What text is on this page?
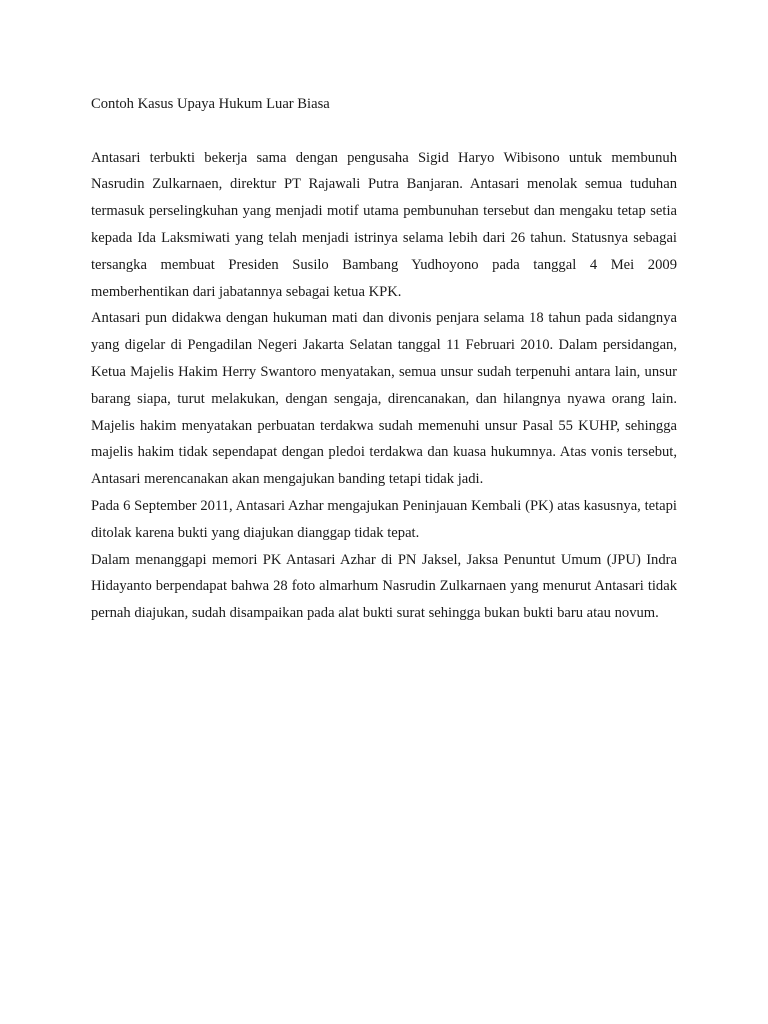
Contoh Kasus Upaya Hukum Luar Biasa

Antasari terbukti bekerja sama dengan pengusaha Sigid Haryo Wibisono untuk membunuh Nasrudin Zulkarnaen, direktur PT Rajawali Putra Banjaran. Antasari menolak semua tuduhan termasuk perselingkuhan yang menjadi motif utama pembunuhan tersebut dan mengaku tetap setia kepada Ida Laksmiwati yang telah menjadi istrinya selama lebih dari 26 tahun. Statusnya sebagai tersangka membuat Presiden Susilo Bambang Yudhoyono pada tanggal 4 Mei 2009 memberhentikan dari jabatannya sebagai ketua KPK.

Antasari pun didakwa dengan hukuman mati dan divonis penjara selama 18 tahun pada sidangnya yang digelar di Pengadilan Negeri Jakarta Selatan tanggal 11 Februari 2010. Dalam persidangan, Ketua Majelis Hakim Herry Swantoro menyatakan, semua unsur sudah terpenuhi antara lain, unsur barang siapa, turut melakukan, dengan sengaja, direncanakan, dan hilangnya nyawa orang lain. Majelis hakim menyatakan perbuatan terdakwa sudah memenuhi unsur Pasal 55 KUHP, sehingga majelis hakim tidak sependapat dengan pledoi terdakwa dan kuasa hukumnya. Atas vonis tersebut, Antasari merencanakan akan mengajukan banding tetapi tidak jadi.

Pada 6 September 2011, Antasari Azhar mengajukan Peninjauan Kembali (PK) atas kasusnya, tetapi ditolak karena bukti yang diajukan dianggap tidak tepat.

Dalam menanggapi memori PK Antasari Azhar di PN Jaksel, Jaksa Penuntut Umum (JPU) Indra Hidayanto berpendapat bahwa 28 foto almarhum Nasrudin Zulkarnaen yang menurut Antasari tidak pernah diajukan, sudah disampaikan pada alat bukti surat sehingga bukan bukti baru atau novum.
